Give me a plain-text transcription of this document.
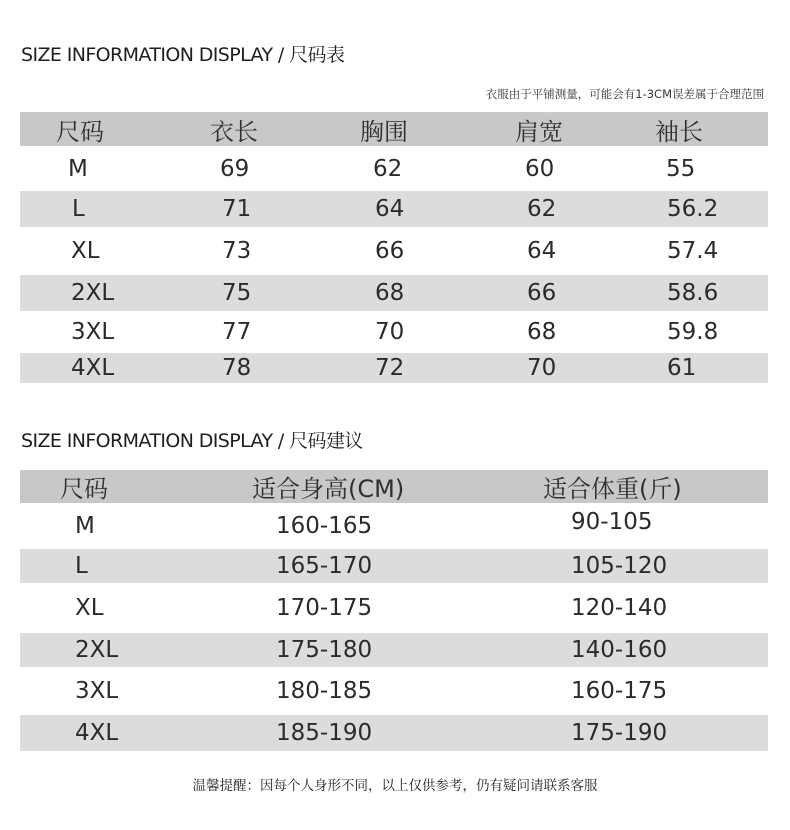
SIZE INFORMATION DISPLAY / 尺码表
衣服由于平铺测量，可能会有1-3CM误差属于合理范围
尺码	衣长	胸围	肩宽	袖长
M	69	62	60	55
L	71	64	62	56.2
XL	73	66	64	57.4
2XL	75	68	66	58.6
3XL	77	70	68	59.8
4XL	78	72	70	61
SIZE INFORMATION DISPLAY / 尺码建议
尺码	适合身高(CM)	适合体重(斤)
M	160-165	90-105
L	165-170	105-120
XL	170-175	120-140
2XL	175-180	140-160
3XL	180-185	160-175
4XL	185-190	175-190
温馨提醒：因每个人身形不同，以上仅供参考，仍有疑问请联系客服
